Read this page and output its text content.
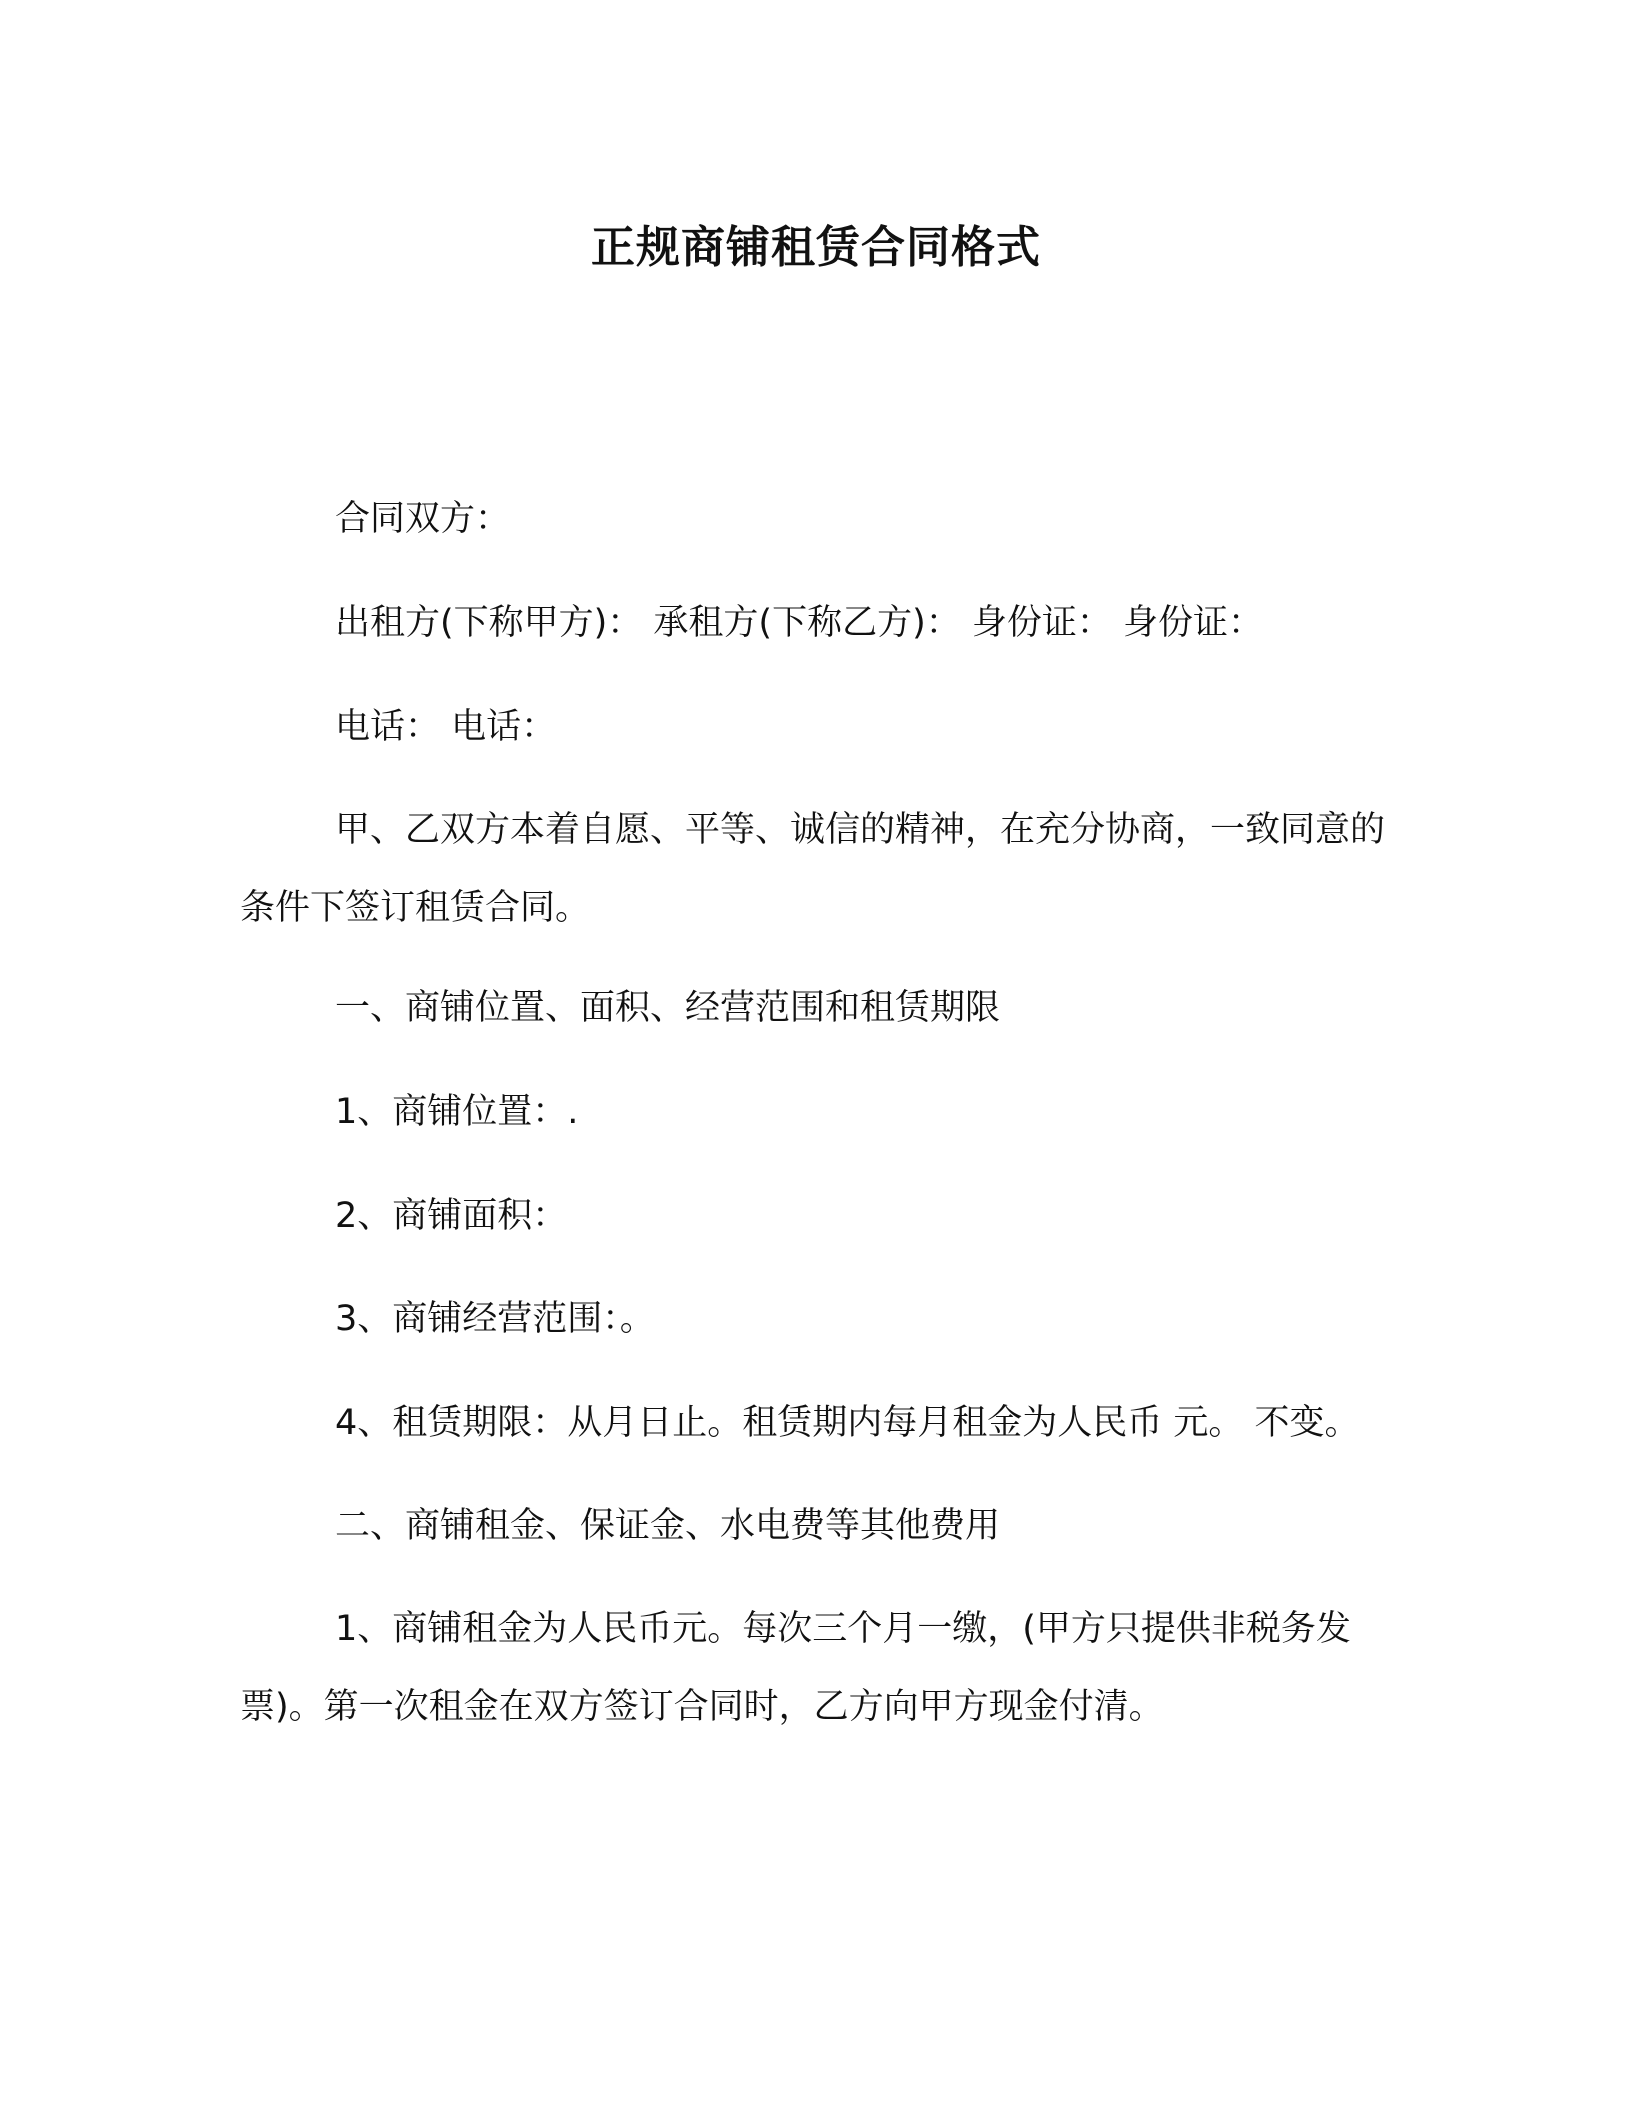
正规商铺租赁合同格式

合同双方：

出租方(下称甲方)： 承租方(下称乙方)： 身份证： 身份证：

电话： 电话：

甲、乙双方本着自愿、平等、诚信的精神，在充分协商，一致同意的条件下签订租赁合同。

一、商铺位置、面积、经营范围和租赁期限

1、商铺位置：.

2、商铺面积：

3、商铺经营范围：。

4、租赁期限：从月日止。租赁期内每月租金为人民币 元。 不变。

二、商铺租金、保证金、水电费等其他费用

1、商铺租金为人民币元。每次三个月一缴，(甲方只提供非税务发票)。第一次租金在双方签订合同时，乙方向甲方现金付清。
